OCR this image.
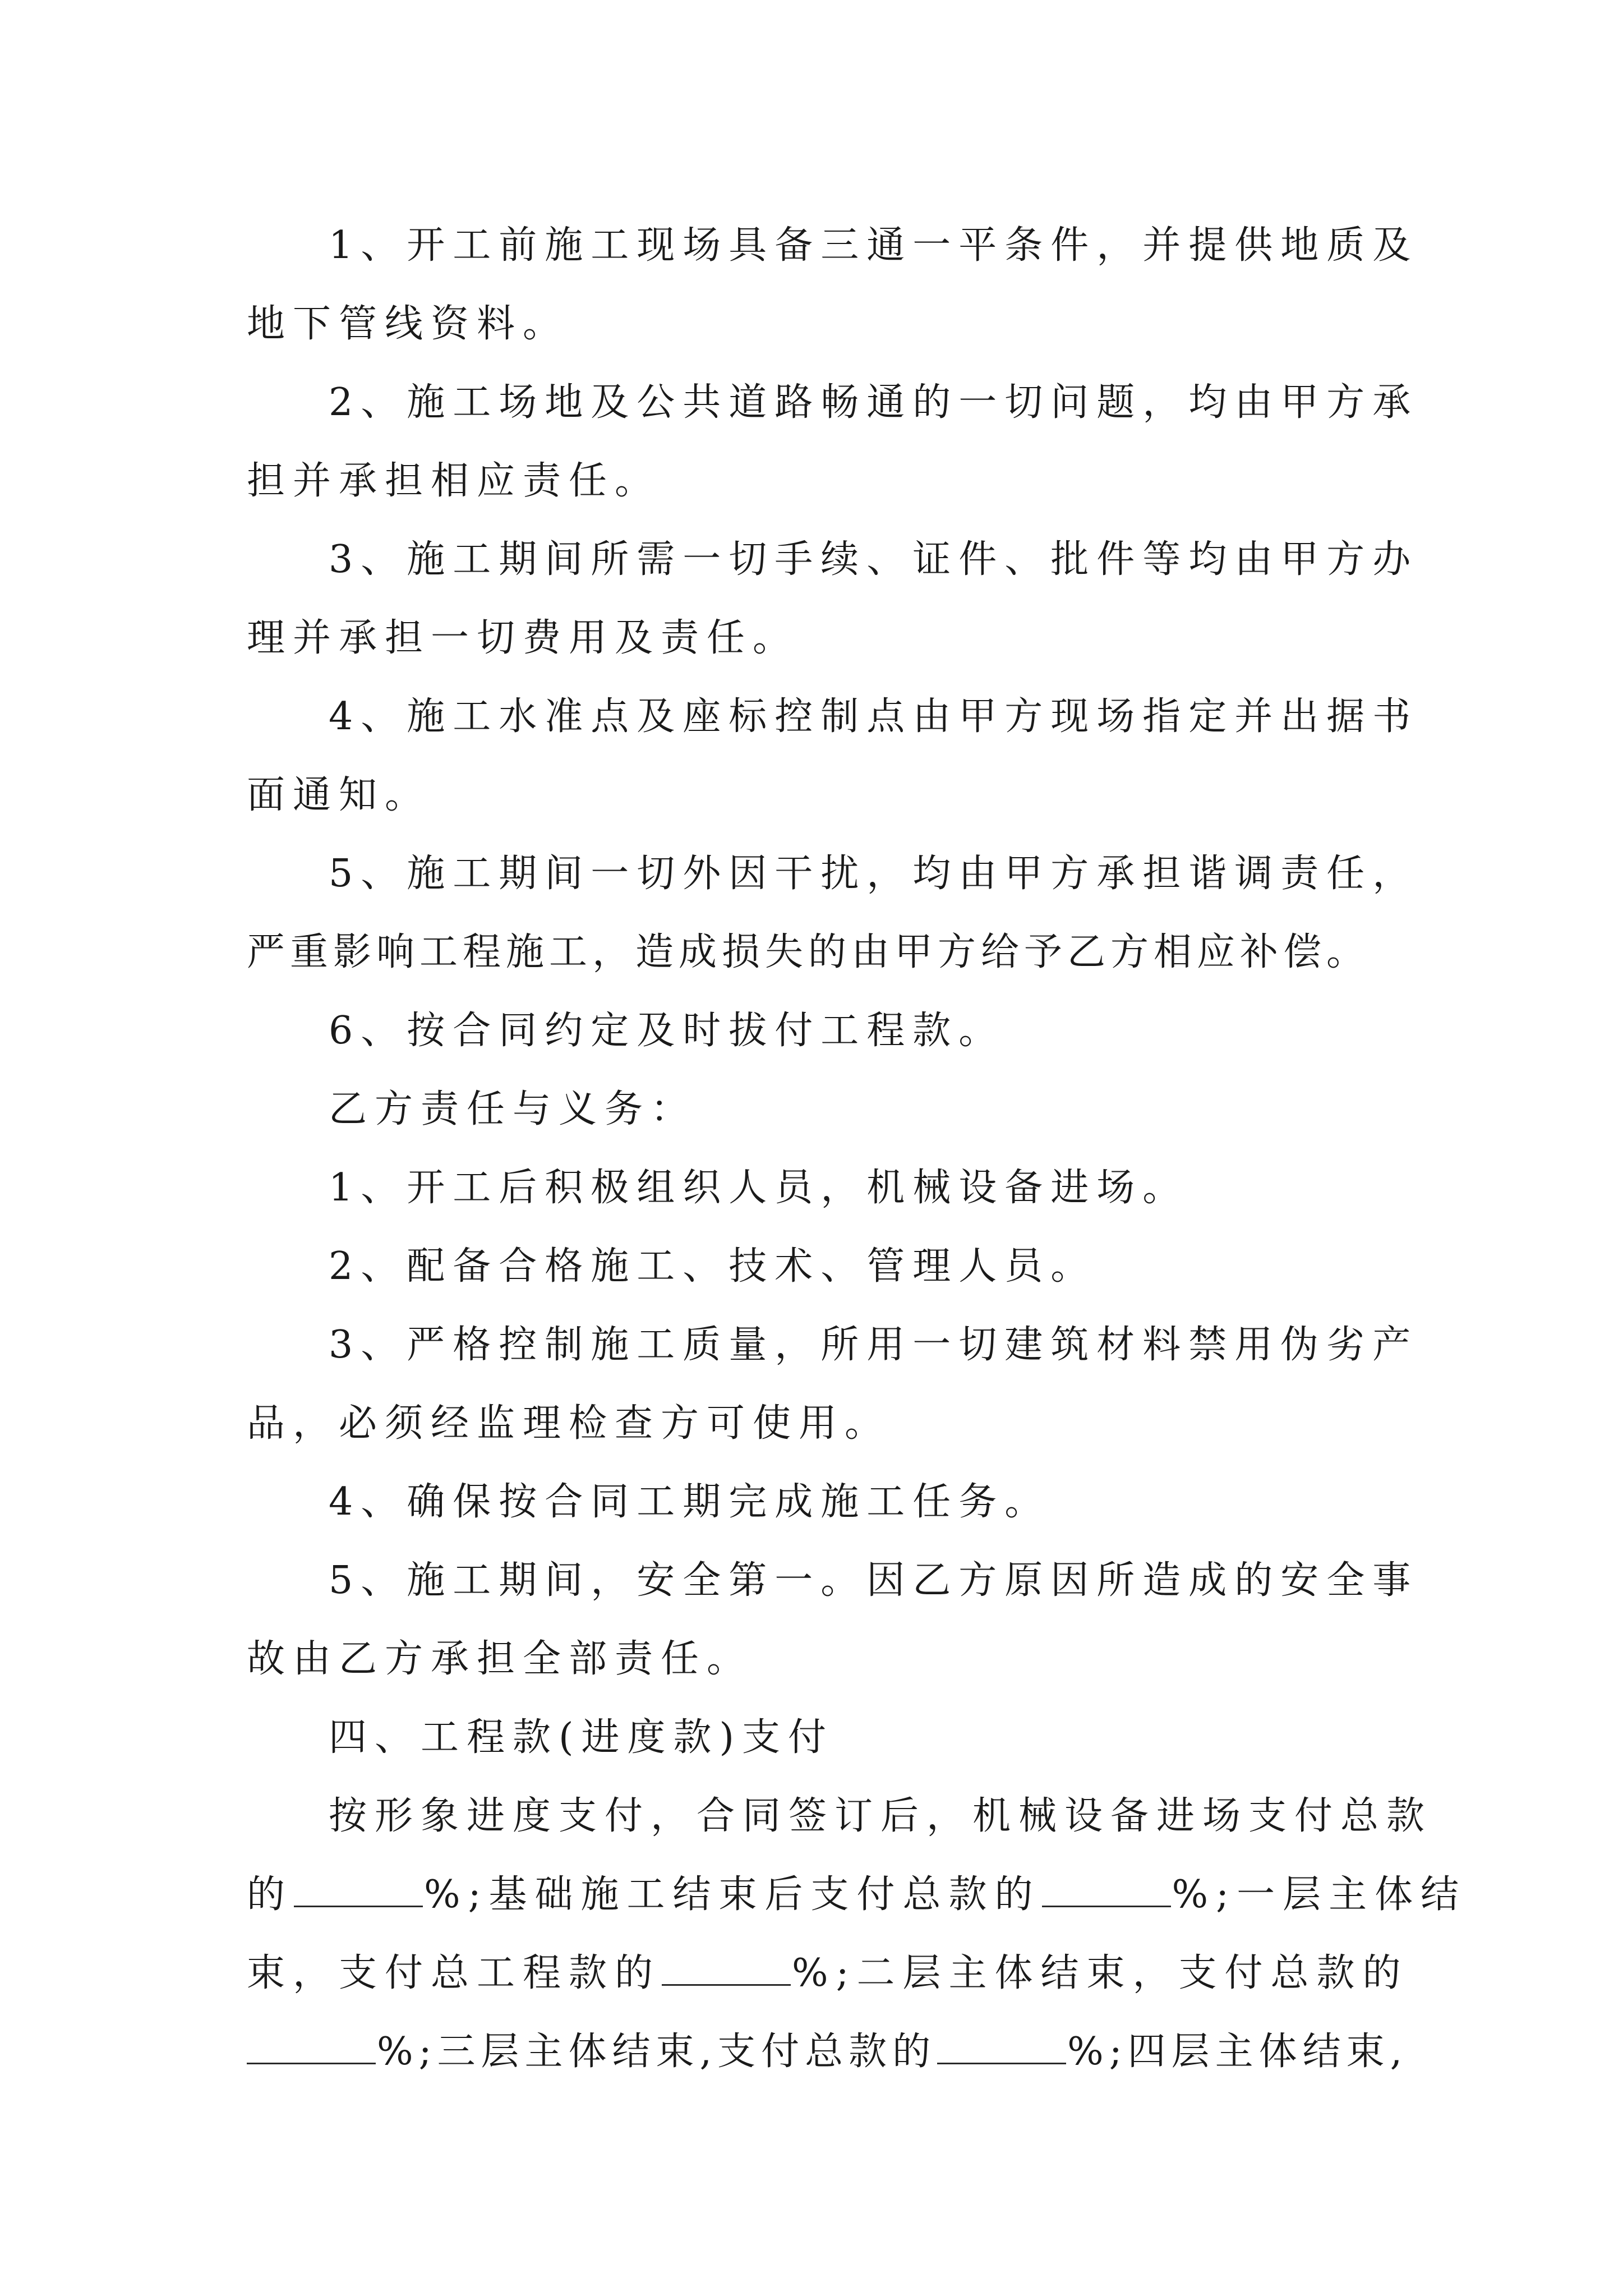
1、开工前施工现场具备三通一平条件，并提供地质及
地下管线资料。
2、施工场地及公共道路畅通的一切问题，均由甲方承
担并承担相应责任。
3、施工期间所需一切手续、证件、批件等均由甲方办
理并承担一切费用及责任。
4、施工水准点及座标控制点由甲方现场指定并出据书
面通知。
5、施工期间一切外因干扰，均由甲方承担谐调责任，
严重影响工程施工，造成损失的由甲方给予乙方相应补偿。
6、按合同约定及时拔付工程款。
乙方责任与义务：
1、开工后积极组织人员，机械设备进场。
2、配备合格施工、技术、管理人员。
3、严格控制施工质量，所用一切建筑材料禁用伪劣产
品，必须经监理检查方可使用。
4、确保按合同工期完成施工任务。
5、施工期间，安全第一。因乙方原因所造成的安全事
故由乙方承担全部责任。
四、工程款(进度款)支付
按形象进度支付，合同签订后，机械设备进场支付总款
的	%;基础施工结束后支付总款的	%;一层主体结
束，支付总工程款的	%;二层主体结束，支付总款的
%;三层主体结束,支付总款的	%;四层主体结束,
